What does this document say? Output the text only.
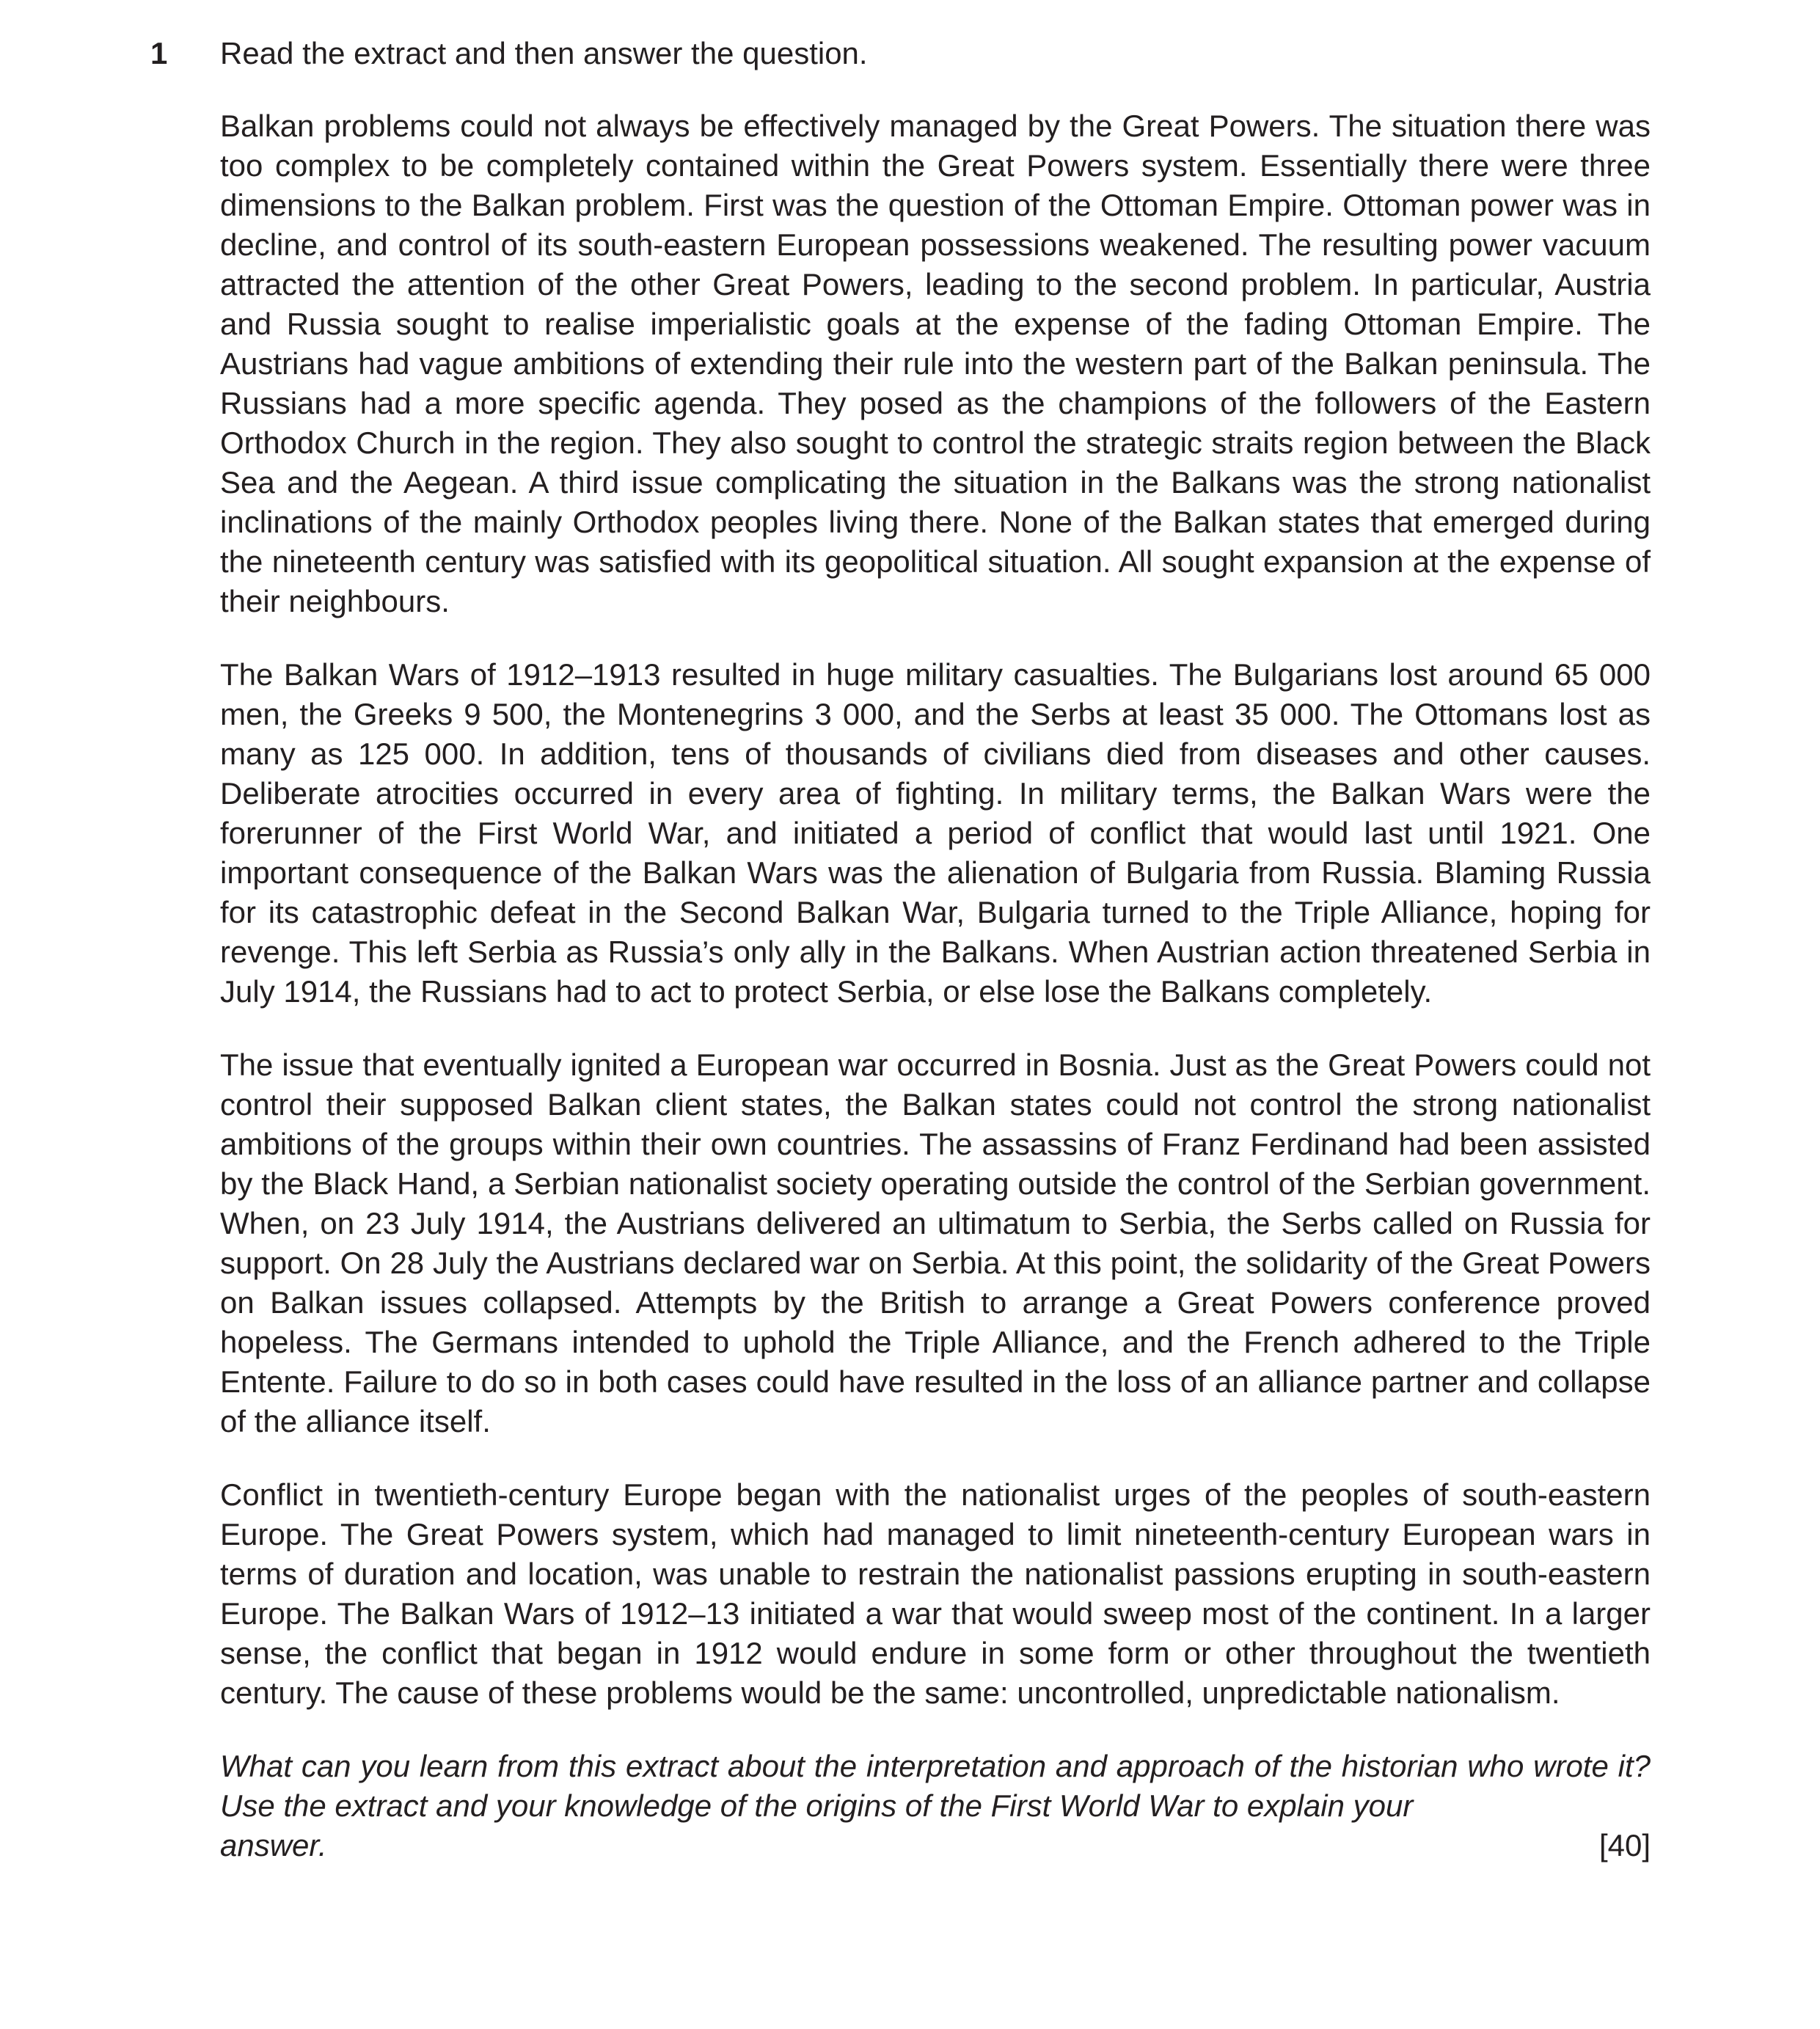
1 Read the extract and then answer the question.

Balkan problems could not always be effectively managed by the Great Powers. The situation there was too complex to be completely contained within the Great Powers system. Essentially there were three dimensions to the Balkan problem. First was the question of the Ottoman Empire. Ottoman power was in decline, and control of its south-eastern European possessions weakened. The resulting power vacuum attracted the attention of the other Great Powers, leading to the second problem. In particular, Austria and Russia sought to realise imperialistic goals at the expense of the fading Ottoman Empire. The Austrians had vague ambitions of extending their rule into the western part of the Balkan peninsula. The Russians had a more specific agenda. They posed as the champions of the followers of the Eastern Orthodox Church in the region. They also sought to control the strategic straits region between the Black Sea and the Aegean. A third issue complicating the situation in the Balkans was the strong nationalist inclinations of the mainly Orthodox peoples living there. None of the Balkan states that emerged during the nineteenth century was satisfied with its geopolitical situation. All sought expansion at the expense of their neighbours.

The Balkan Wars of 1912–1913 resulted in huge military casualties. The Bulgarians lost around 65 000 men, the Greeks 9 500, the Montenegrins 3 000, and the Serbs at least 35 000. The Ottomans lost as many as 125 000. In addition, tens of thousands of civilians died from diseases and other causes. Deliberate atrocities occurred in every area of fighting. In military terms, the Balkan Wars were the forerunner of the First World War, and initiated a period of conflict that would last until 1921. One important consequence of the Balkan Wars was the alienation of Bulgaria from Russia. Blaming Russia for its catastrophic defeat in the Second Balkan War, Bulgaria turned to the Triple Alliance, hoping for revenge. This left Serbia as Russia’s only ally in the Balkans. When Austrian action threatened Serbia in July 1914, the Russians had to act to protect Serbia, or else lose the Balkans completely.

The issue that eventually ignited a European war occurred in Bosnia. Just as the Great Powers could not control their supposed Balkan client states, the Balkan states could not control the strong nationalist ambitions of the groups within their own countries. The assassins of Franz Ferdinand had been assisted by the Black Hand, a Serbian nationalist society operating outside the control of the Serbian government. When, on 23 July 1914, the Austrians delivered an ultimatum to Serbia, the Serbs called on Russia for support. On 28 July the Austrians declared war on Serbia. At this point, the solidarity of the Great Powers on Balkan issues collapsed. Attempts by the British to arrange a Great Powers conference proved hopeless. The Germans intended to uphold the Triple Alliance, and the French adhered to the Triple Entente. Failure to do so in both cases could have resulted in the loss of an alliance partner and collapse of the alliance itself.

Conflict in twentieth-century Europe began with the nationalist urges of the peoples of south-eastern Europe. The Great Powers system, which had managed to limit nineteenth-century European wars in terms of duration and location, was unable to restrain the nationalist passions erupting in south-eastern Europe. The Balkan Wars of 1912–13 initiated a war that would sweep most of the continent. In a larger sense, the conflict that began in 1912 would endure in some form or other throughout the twentieth century. The cause of these problems would be the same: uncontrolled, unpredictable nationalism.

What can you learn from this extract about the interpretation and approach of the historian who wrote it? Use the extract and your knowledge of the origins of the First World War to explain your

answer.	[40]
